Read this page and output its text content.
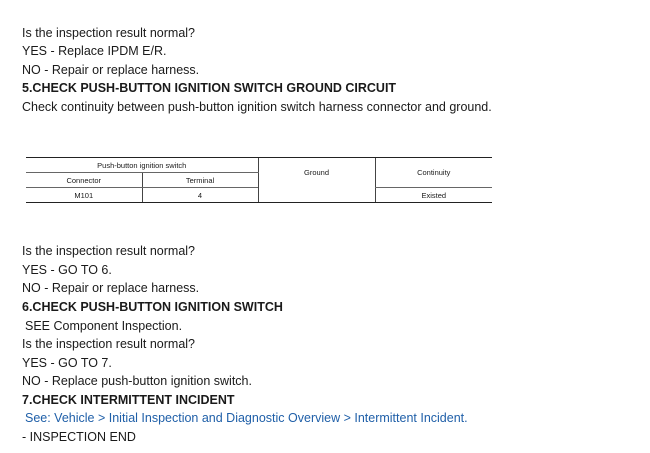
Is the inspection result normal?
YES - Replace IPDM E/R.
NO - Repair or replace harness.
5.CHECK PUSH-BUTTON IGNITION SWITCH GROUND CIRCUIT
Check continuity between push-button ignition switch harness connector and ground.
Push-button ignition switch		Ground	Continuity
Connector	Terminal		
M101	4		Existed
Is the inspection result normal?
YES - GO TO 6.
NO - Repair or replace harness.
6.CHECK PUSH-BUTTON IGNITION SWITCH
SEE Component Inspection.
Is the inspection result normal?
YES - GO TO 7.
NO - Replace push-button ignition switch.
7.CHECK INTERMITTENT INCIDENT
See: Vehicle > Initial Inspection and Diagnostic Overview > Intermittent Incident.
- INSPECTION END
